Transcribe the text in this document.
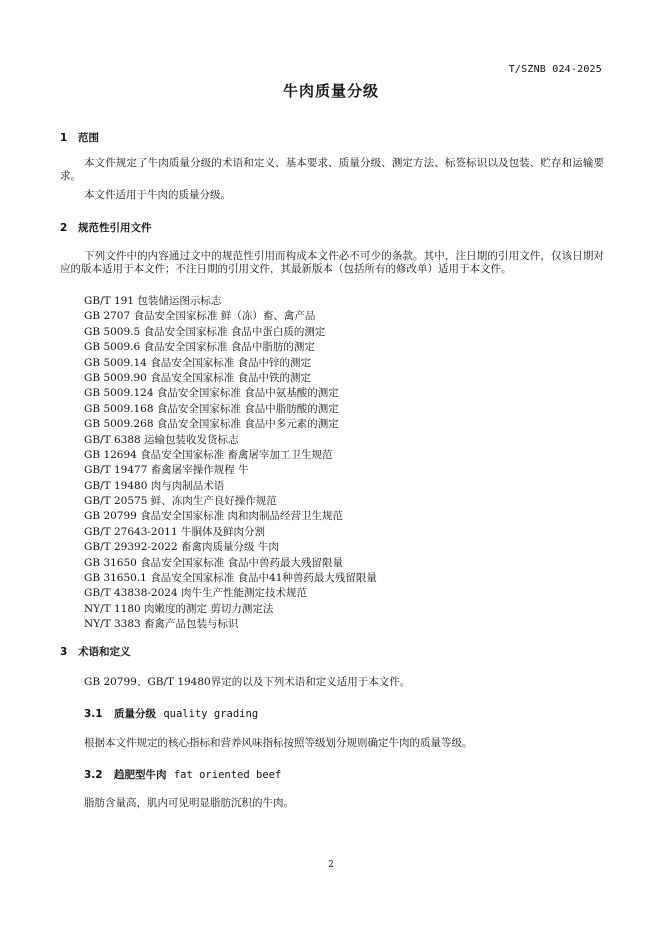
T/SZNB 024-2025
牛肉质量分级
1 范围
本文件规定了牛肉质量分级的术语和定义、基本要求、质量分级、测定方法、标签标识以及包装、贮存和运输要求。
本文件适用于牛肉的质量分级。
2 规范性引用文件
下列文件中的内容通过文中的规范性引用而构成本文件必不可少的条款。其中，注日期的引用文件，仅该日期对应的版本适用于本文件；不注日期的引用文件，其最新版本（包括所有的修改单）适用于本文件。
GB/T 191 包装储运图示标志
GB 2707 食品安全国家标准 鲜（冻）畜、禽产品
GB 5009.5 食品安全国家标准 食品中蛋白质的测定
GB 5009.6 食品安全国家标准 食品中脂肪的测定
GB 5009.14 食品安全国家标准 食品中锌的测定
GB 5009.90 食品安全国家标准 食品中铁的测定
GB 5009.124 食品安全国家标准 食品中氨基酸的测定
GB 5009.168 食品安全国家标准 食品中脂肪酸的测定
GB 5009.268 食品安全国家标准 食品中多元素的测定
GB/T 6388 运输包装收发货标志
GB 12694 食品安全国家标准 畜禽屠宰加工卫生规范
GB/T 19477 畜禽屠宰操作规程 牛
GB/T 19480 肉与肉制品术语
GB/T 20575 鲜、冻肉生产良好操作规范
GB 20799 食品安全国家标准 肉和肉制品经营卫生规范
GB/T 27643-2011 牛胴体及鲜肉分割
GB/T 29392-2022 畜禽肉质量分级 牛肉
GB 31650 食品安全国家标准 食品中兽药最大残留限量
GB 31650.1 食品安全国家标准 食品中41种兽药最大残留限量
GB/T 43838-2024 肉牛生产性能测定技术规范
NY/T 1180 肉嫩度的测定 剪切力测定法
NY/T 3383 畜禽产品包装与标识
3 术语和定义
GB 20799、GB/T 19480界定的以及下列术语和定义适用于本文件。
3.1 质量分级 quality grading
根据本文件规定的核心指标和营养风味指标按照等级划分规则确定牛肉的质量等级。
3.2 趋肥型牛肉 fat oriented beef
脂肪含量高，肌内可见明显脂肪沉积的牛肉。
2
